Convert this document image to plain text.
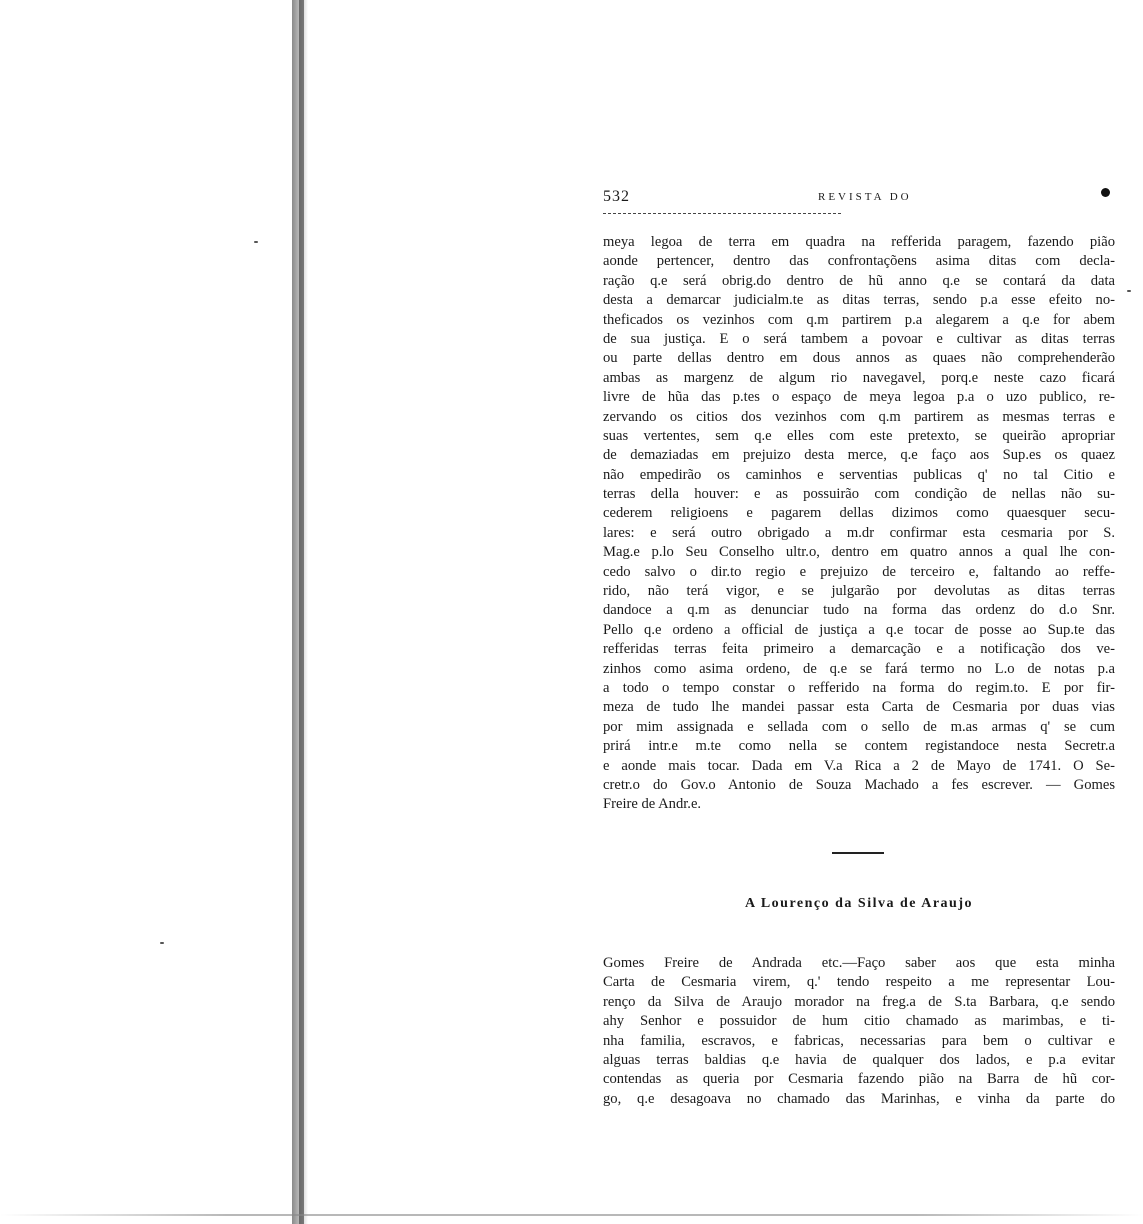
532	REVISTA DO
meya legoa de terra em quadra na refferida paragem, fazendo pião
aonde pertencer, dentro das confrontaçõens asima ditas com decla-
ração q.e será obrig.do dentro de hũ anno q.e se contará da data
desta a demarcar judicialm.te as ditas terras, sendo p.a esse efeito no-
theficados os vezinhos com q.m partirem p.a alegarem a q.e for abem
de sua justiça. E o será tambem a povoar e cultivar as ditas terras
ou parte dellas dentro em dous annos as quaes não comprehenderão
ambas as margenz de algum rio navegavel, porq.e neste cazo ficará
livre de hũa das p.tes o espaço de meya legoa p.a o uzo publico, re-
zervando os citios dos vezinhos com q.m partirem as mesmas terras e
suas vertentes, sem q.e elles com este pretexto, se queirão apropriar
de demaziadas em prejuizo desta merce, q.e faço aos Sup.es os quaez
não empedirão os caminhos e serventias publicas q' no tal Citio e
terras della houver: e as possuirão com condição de nellas não su-
cederem religioens e pagarem dellas dizimos como quaesquer secu-
lares: e será outro obrigado a m.dr confirmar esta cesmaria por S.
Mag.e p.lo Seu Conselho ultr.o, dentro em quatro annos a qual lhe con-
cedo salvo o dir.to regio e prejuizo de terceiro e, faltando ao reffe-
rido, não terá vigor, e se julgarão por devolutas as ditas terras
dandoce a q.m as denunciar tudo na forma das ordenz do d.o Snr.
Pello q.e ordeno a official de justiça a q.e tocar de posse ao Sup.te das
refferidas terras feita primeiro a demarcação e a notificação dos ve-
zinhos como asima ordeno, de q.e se fará termo no L.o de notas p.a
a todo o tempo constar o refferido na forma do regim.to. E por fir-
meza de tudo lhe mandei passar esta Carta de Cesmaria por duas vias
por mim assignada e sellada com o sello de m.as armas q' se cum
prirá intr.e m.te como nella se contem registandoce nesta Secretr.a
e aonde mais tocar. Dada em V.a Rica a 2 de Mayo de 1741. O Se-
cretr.o do Gov.o Antonio de Souza Machado a fes escrever. — Gomes
Freire de Andr.e.
A Lourenço da Silva de Araujo
Gomes Freire de Andrada etc.—Faço saber aos que esta minha
Carta de Cesmaria virem, q.' tendo respeito a me representar Lou-
renço da Silva de Araujo morador na freg.a de S.ta Barbara, q.e sendo
ahy Senhor e possuidor de hum citio chamado as marimbas, e ti-
nha familia, escravos, e fabricas, necessarias para bem o cultivar e
alguas terras baldias q.e havia de qualquer dos lados, e p.a evitar
contendas as queria por Cesmaria fazendo pião na Barra de hũ cor-
go, q.e desagoava no chamado das Marinhas, e vinha da parte do
